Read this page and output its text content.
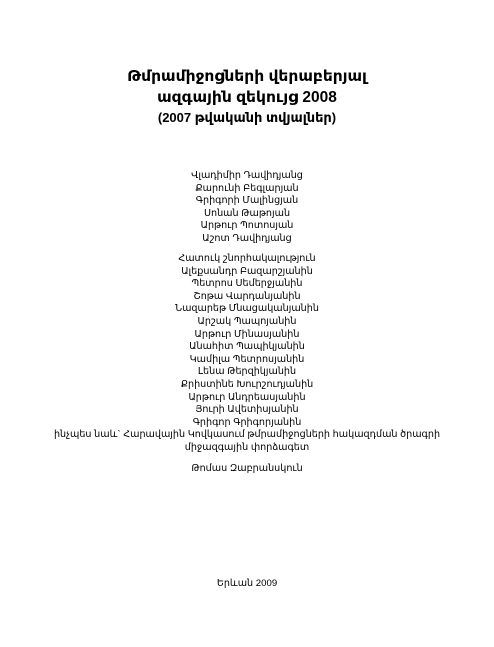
Թմրամիջոցների վերաբերյալ
ազգային զեկույց 2008
(2007 թվականի տվյալներ)
Վլադիմիր Դավիդյանց
Քարունի Բեգլարյան
Գրիգորի Մալինցյան
Սոնան Թաթոյան
Արթուր Պոտոսյան
Աշոտ Դավիդյանց
Հատուկ շնորհակալություն
Ալեքսանդր Բազարշյանին
Պետրոս Սեմերջյանին
Շոթա Վարդանյանին
Նազարեթ Մնացականյանին
Արշակ Պապոյանին
Արթուր Մինասյանին
Անահիտ Պապիկյանին
Կամիլա Պետրոսյանին
Լենա Թերզիկյանին
Քրիստինե Խուրշուդյանին
Արթուր Անդրեասյանին
Յուրի Ավետիսյանին
Գրիգոր Գրիգորյանին
ինչպես նաև` Հարավային Կովկասում թմրամիջոցների հակազդման ծրագրի
միջազգային փորձագետ
Թոմաս Զաբրանսկուն
Երևան 2009
